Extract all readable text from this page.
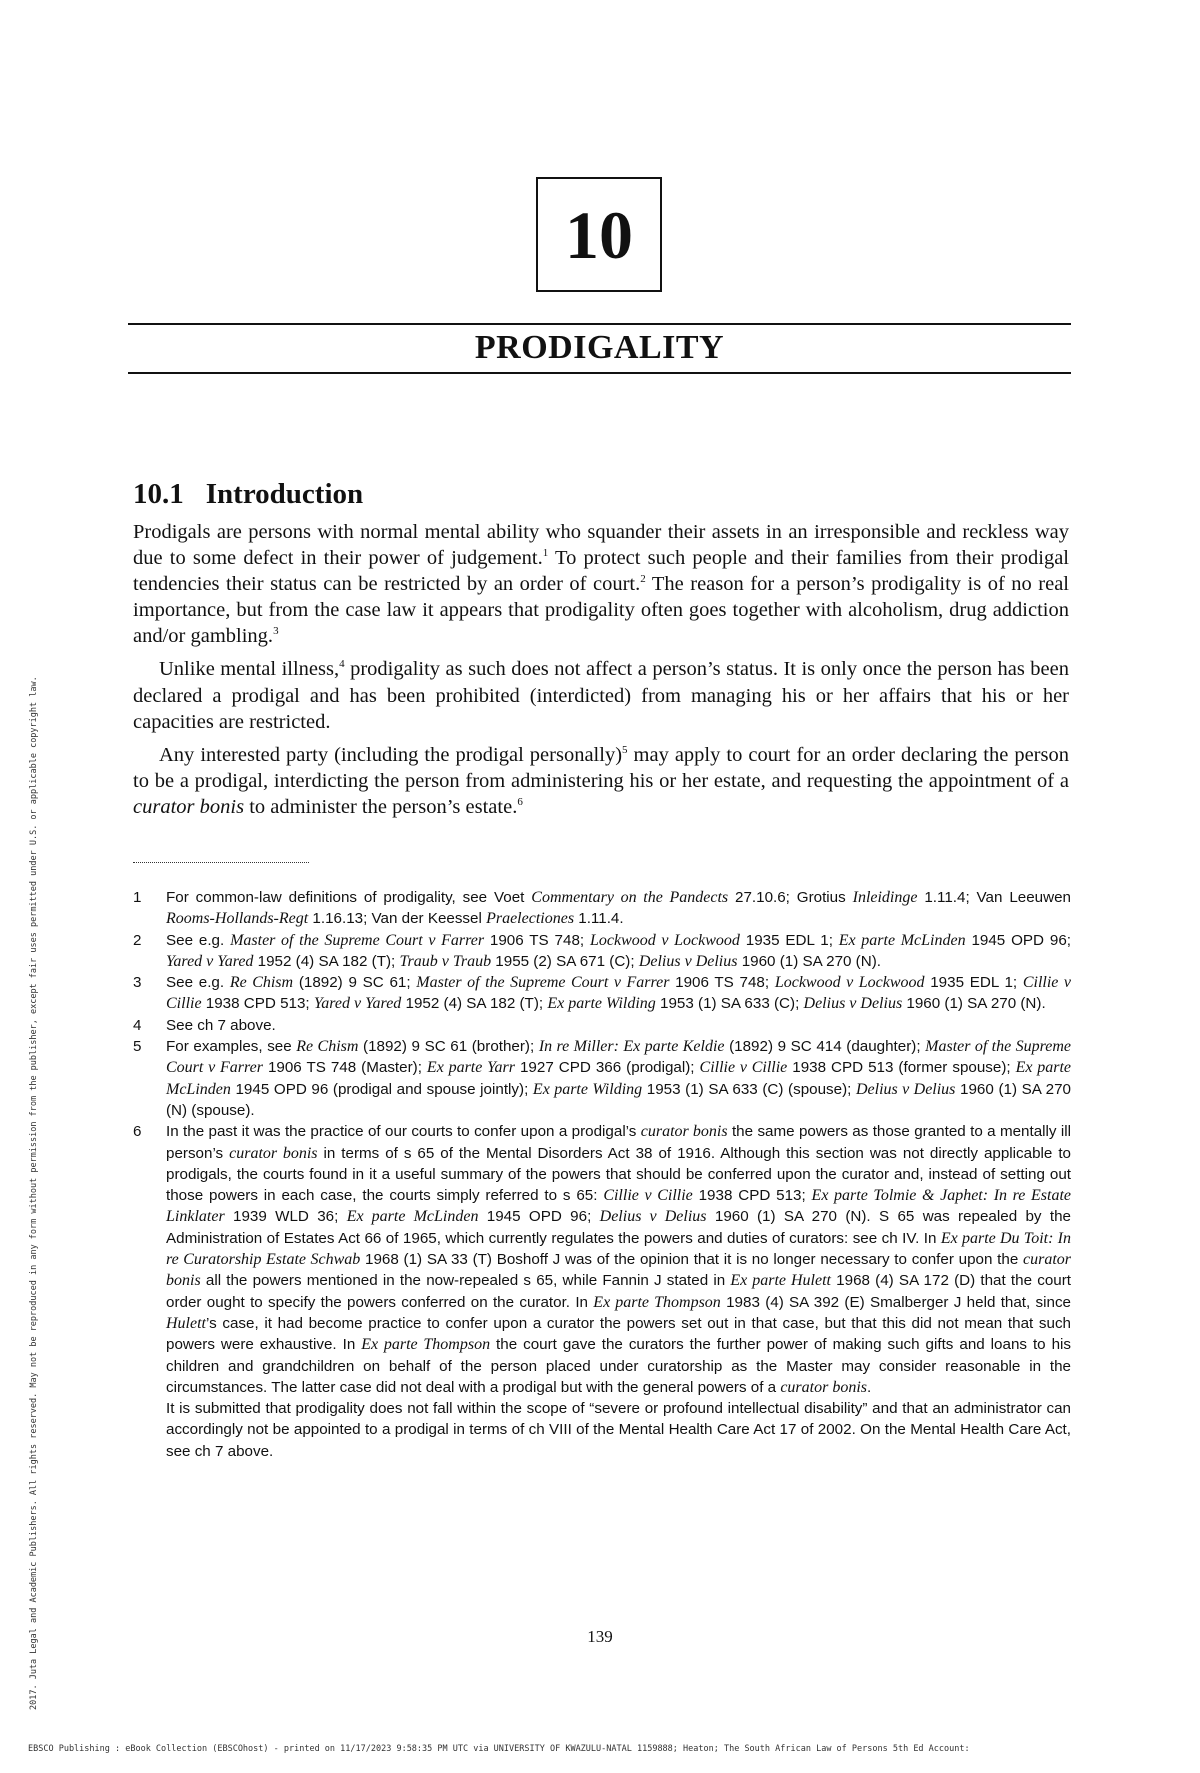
10
PRODIGALITY
10.1 Introduction

Prodigals are persons with normal mental ability who squander their assets in an irresponsible and reckless way due to some defect in their power of judgement.$^1$ To protect such people and their families from their prodigal tendencies their status can be restricted by an order of court.$^2$ The reason for a person’s prodigality is of no real importance, but from the case law it appears that prodigality often goes together with alcoholism, drug addiction and/or gambling.$^3$

Unlike mental illness,$^4$ prodigality as such does not affect a person’s status. It is only once the person has been declared a prodigal and has been prohibited (interdicted) from managing his or her affairs that his or her capacities are restricted.

Any interested party (including the prodigal personally)$^5$ may apply to court for an order declaring the person to be a prodigal, interdicting the person from administering his or her estate, and requesting the appointment of a curator bonis to administer the person’s estate.$^6$

1	For common-law definitions of prodigality, see Voet Commentary on the Pandects 27.10.6; Grotius Inleidinge 1.11.4; Van Leeuwen Rooms-Hollands-Regt 1.16.13; Van der Keessel Praelectiones 1.11.4.
2	See e.g. Master of the Supreme Court v Farrer 1906 TS 748; Lockwood v Lockwood 1935 EDL 1; Ex parte McLinden 1945 OPD 96; Yared v Yared 1952 (4) SA 182 (T); Traub v Traub 1955 (2) SA 671 (C); Delius v Delius 1960 (1) SA 270 (N).
3	See e.g. Re Chism (1892) 9 SC 61; Master of the Supreme Court v Farrer 1906 TS 748; Lockwood v Lockwood 1935 EDL 1; Cillie v Cillie 1938 CPD 513; Yared v Yared 1952 (4) SA 182 (T); Ex parte Wilding 1953 (1) SA 633 (C); Delius v Delius 1960 (1) SA 270 (N).
4	See ch 7 above.
5	For examples, see Re Chism (1892) 9 SC 61 (brother); In re Miller: Ex parte Keldie (1892) 9 SC 414 (daughter); Master of the Supreme Court v Farrer 1906 TS 748 (Master); Ex parte Yarr 1927 CPD 366 (prodigal); Cillie v Cillie 1938 CPD 513 (former spouse); Ex parte McLinden 1945 OPD 96 (prodigal and spouse jointly); Ex parte Wilding 1953 (1) SA 633 (C) (spouse); Delius v Delius 1960 (1) SA 270 (N) (spouse).
6	In the past it was the practice of our courts to confer upon a prodigal’s curator bonis the same powers as those granted to a mentally ill person’s curator bonis in terms of s 65 of the Mental Disorders Act 38 of 1916. Although this section was not directly applicable to prodigals, the courts found in it a useful summary of the powers that should be conferred upon the curator and, instead of setting out those powers in each case, the courts simply referred to s 65: Cillie v Cillie 1938 CPD 513; Ex parte Tolmie & Japhet: In re Estate Linklater 1939 WLD 36; Ex parte McLinden 1945 OPD 96; Delius v Delius 1960 (1) SA 270 (N). S 65 was repealed by the Administration of Estates Act 66 of 1965, which currently regulates the powers and duties of curators: see ch IV. In Ex parte Du Toit: In re Curatorship Estate Schwab 1968 (1) SA 33 (T) Boshoff J was of the opinion that it is no longer necessary to confer upon the curator bonis all the powers mentioned in the now-repealed s 65, while Fannin J stated in Ex parte Hulett 1968 (4) SA 172 (D) that the court order ought to specify the powers conferred on the curator. In Ex parte Thompson 1983 (4) SA 392 (E) Smalberger J held that, since Hulett’s case, it had become practice to confer upon a curator the powers set out in that case, but that this did not mean that such powers were exhaustive. In Ex parte Thompson the court gave the curators the further power of making such gifts and loans to his children and grandchildren on behalf of the person placed under curatorship as the Master may consider reasonable in the circumstances. The latter case did not deal with a prodigal but with the general powers of a curator bonis.
It is submitted that prodigality does not fall within the scope of “severe or profound intellectual disability” and that an administrator can accordingly not be appointed to a prodigal in terms of ch VIII of the Mental Health Care Act 17 of 2002. On the Mental Health Care Act, see ch 7 above.
139
2017. Juta Legal and Academic Publishers. All rights reserved. May not be reproduced in any form without permission from the publisher, except fair uses permitted under U.S. or applicable copyright law.
EBSCO Publishing : eBook Collection (EBSCOhost) - printed on 11/17/2023 9:58:35 PM UTC via UNIVERSITY OF KWAZULU-NATAL 1159888; Heaton; The South African Law of Persons 5th Ed Account:
